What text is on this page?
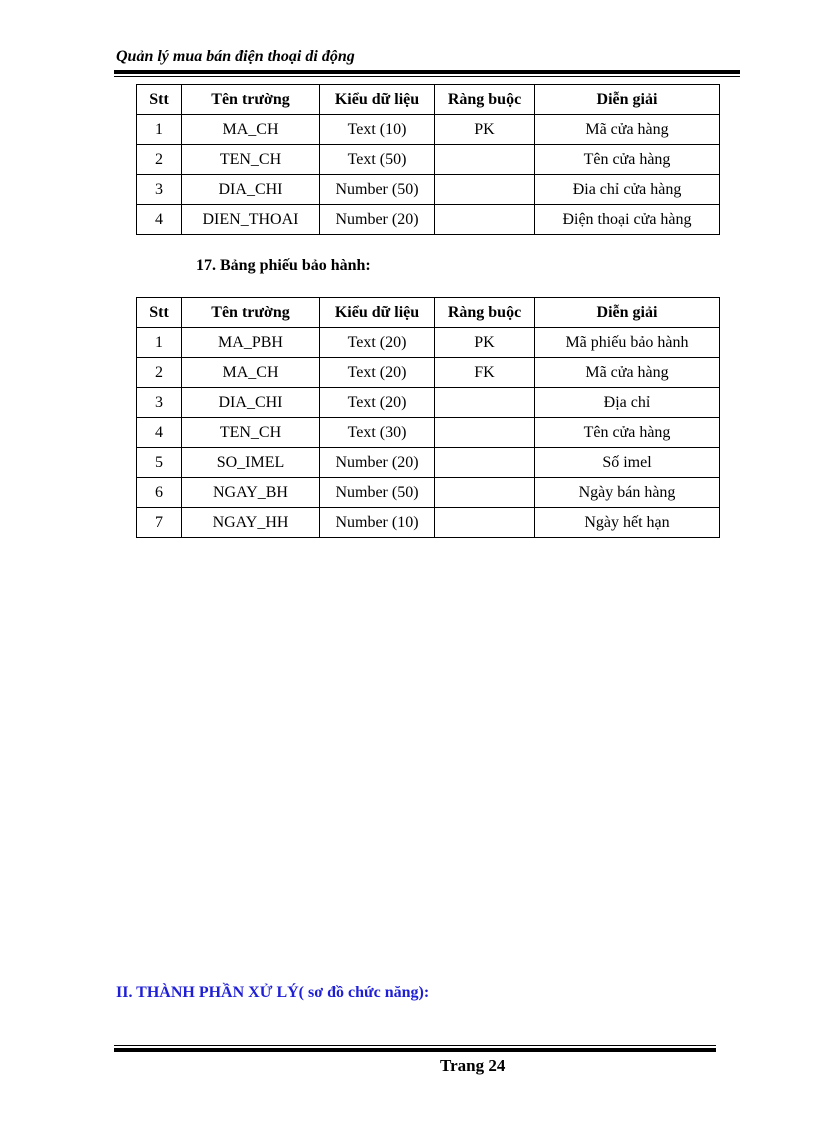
Quản lý mua bán điện thoại di động
Stt	Tên trường	Kiểu dữ liệu	Ràng buộc	Diễn giải
1	MA_CH	Text (10)	PK	Mã cửa hàng
2	TEN_CH	Text (50)		Tên cửa hàng
3	DIA_CHI	Number (50)		Đia chỉ cửa hàng
4	DIEN_THOAI	Number (20)		Điện thoại cửa hàng
17. Bảng phiếu bảo hành:
Stt	Tên trường	Kiểu dữ liệu	Ràng buộc	Diễn giải
1	MA_PBH	Text (20)	PK	Mã phiếu bảo hành
2	MA_CH	Text (20)	FK	Mã cửa hàng
3	DIA_CHI	Text (20)		Địa chỉ
4	TEN_CH	Text (30)		Tên cửa hàng
5	SO_IMEL	Number (20)		Số imel
6	NGAY_BH	Number (50)		Ngày bán hàng
7	NGAY_HH	Number (10)		Ngày hết hạn
II. THÀNH PHẦN XỬ LÝ( sơ đồ chức năng):
Trang 24
